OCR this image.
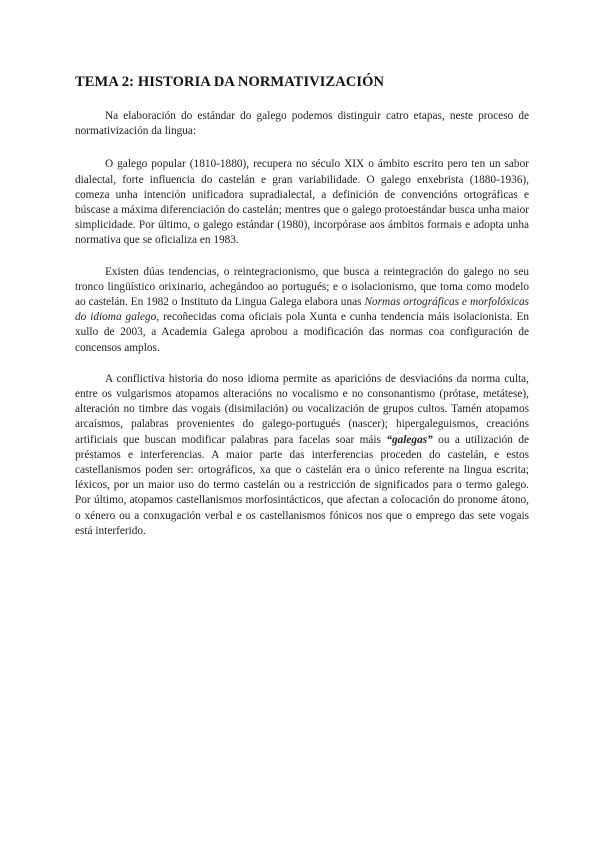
TEMA 2: HISTORIA DA NORMATIVIZACIÓN

Na elaboración do estándar do galego podemos distinguir catro etapas, neste proceso de normativización da lingua:

O galego popular (1810-1880), recupera no século XIX o ámbito escrito pero ten un sabor dialectal, forte influencia do castelán e gran variabilidade. O galego enxebrista (1880-1936), comeza unha intención unificadora supradialectal, a definición de convencións ortográficas e búscase a máxima diferenciación do castelán; mentres que o galego protoestándar busca unha maior simplicidade. Por último, o galego estándar (1980), incorpórase aos ámbitos formais e adopta unha normativa que se oficializa en 1983.

Existen dúas tendencias, o reintegracionismo, que busca a reintegración do galego no seu tronco lingüístico orixinario, achegándoo ao portugués; e o isolacionismo, que toma como modelo ao castelán. En 1982 o Instituto da Lingua Galega elabora unas Normas ortográficas e morfolóxicas do idioma galego, recoñecidas coma oficiais pola Xunta e cunha tendencia máis isolacionista. En xullo de 2003, a Academia Galega aprobou a modificación das normas coa configuración de concensos amplos.

A conflictiva historia do noso idioma permite as aparicións de desviacións da norma culta, entre os vulgarismos atopamos alteracións no vocalismo e no consonantismo (prótase, metátese), alteración no timbre das vogais (disimilación) ou vocalización de grupos cultos. Tamén atopamos arcaísmos, palabras provenientes do galego-portugués (nascer); hipergaleguismos, creacións artificiais que buscan modificar palabras para facelas soar máis “galegas” ou a utilización de préstamos e interferencias. A maior parte das interferencias proceden do castelán, e estos castellanismos poden ser: ortográficos, xa que o castelán era o único referente na lingua escrita; léxicos, por un maior uso do termo castelán ou a restricción de significados para o termo galego. Por último, atopamos castellanismos morfosintácticos, que afectan a colocación do pronome átono, o xénero ou a conxugación verbal e os castellanismos fónicos nos que o emprego das sete vogais está interferido.
